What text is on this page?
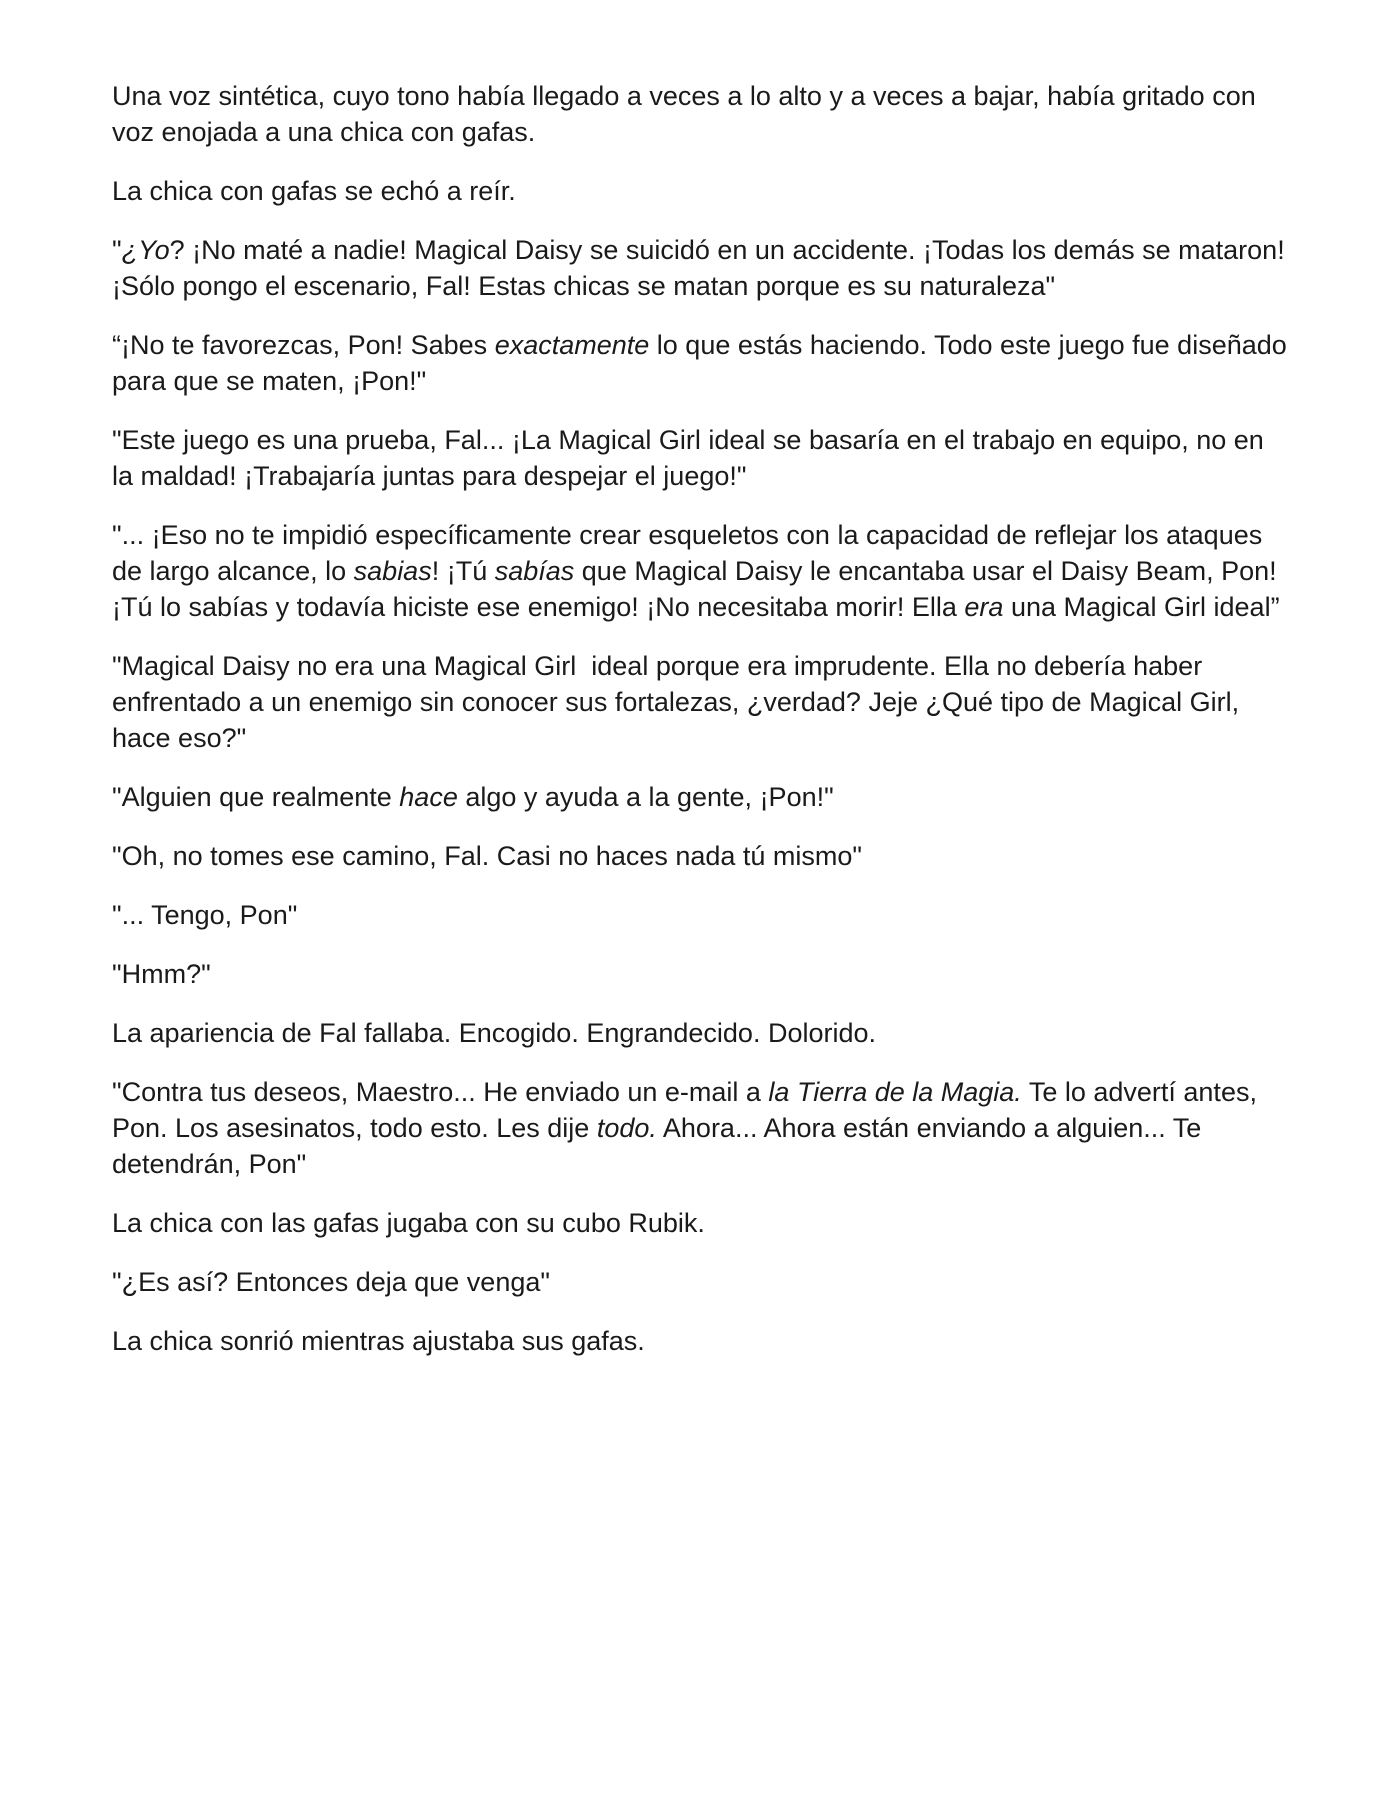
Una voz sintética, cuyo tono había llegado a veces a lo alto y a veces a bajar, había gritado con voz enojada a una chica con gafas.

La chica con gafas se echó a reír.

"¿Yo? ¡No maté a nadie! Magical Daisy se suicidó en un accidente. ¡Todas los demás se mataron! ¡Sólo pongo el escenario, Fal! Estas chicas se matan porque es su naturaleza"

“¡No te favorezcas, Pon! Sabes exactamente lo que estás haciendo. Todo este juego fue diseñado para que se maten, ¡Pon!"

"Este juego es una prueba, Fal... ¡La Magical Girl ideal se basaría en el trabajo en equipo, no en la maldad! ¡Trabajaría juntas para despejar el juego!"

"... ¡Eso no te impidió específicamente crear esqueletos con la capacidad de reflejar los ataques de largo alcance, lo sabias! ¡Tú sabías que Magical Daisy le encantaba usar el Daisy Beam, Pon! ¡Tú lo sabías y todavía hiciste ese enemigo! ¡No necesitaba morir! Ella era una Magical Girl ideal”

"Magical Daisy no era una Magical Girl  ideal porque era imprudente. Ella no debería haber enfrentado a un enemigo sin conocer sus fortalezas, ¿verdad? Jeje ¿Qué tipo de Magical Girl, hace eso?"

"Alguien que realmente hace algo y ayuda a la gente, ¡Pon!"

"Oh, no tomes ese camino, Fal. Casi no haces nada tú mismo"

"... Tengo, Pon"

"Hmm?"

La apariencia de Fal fallaba. Encogido. Engrandecido. Dolorido.

"Contra tus deseos, Maestro... He enviado un e-mail a la Tierra de la Magia. Te lo advertí antes, Pon. Los asesinatos, todo esto. Les dije todo. Ahora... Ahora están enviando a alguien... Te detendrán, Pon"

La chica con las gafas jugaba con su cubo Rubik.

"¿Es así? Entonces deja que venga"

La chica sonrió mientras ajustaba sus gafas.
